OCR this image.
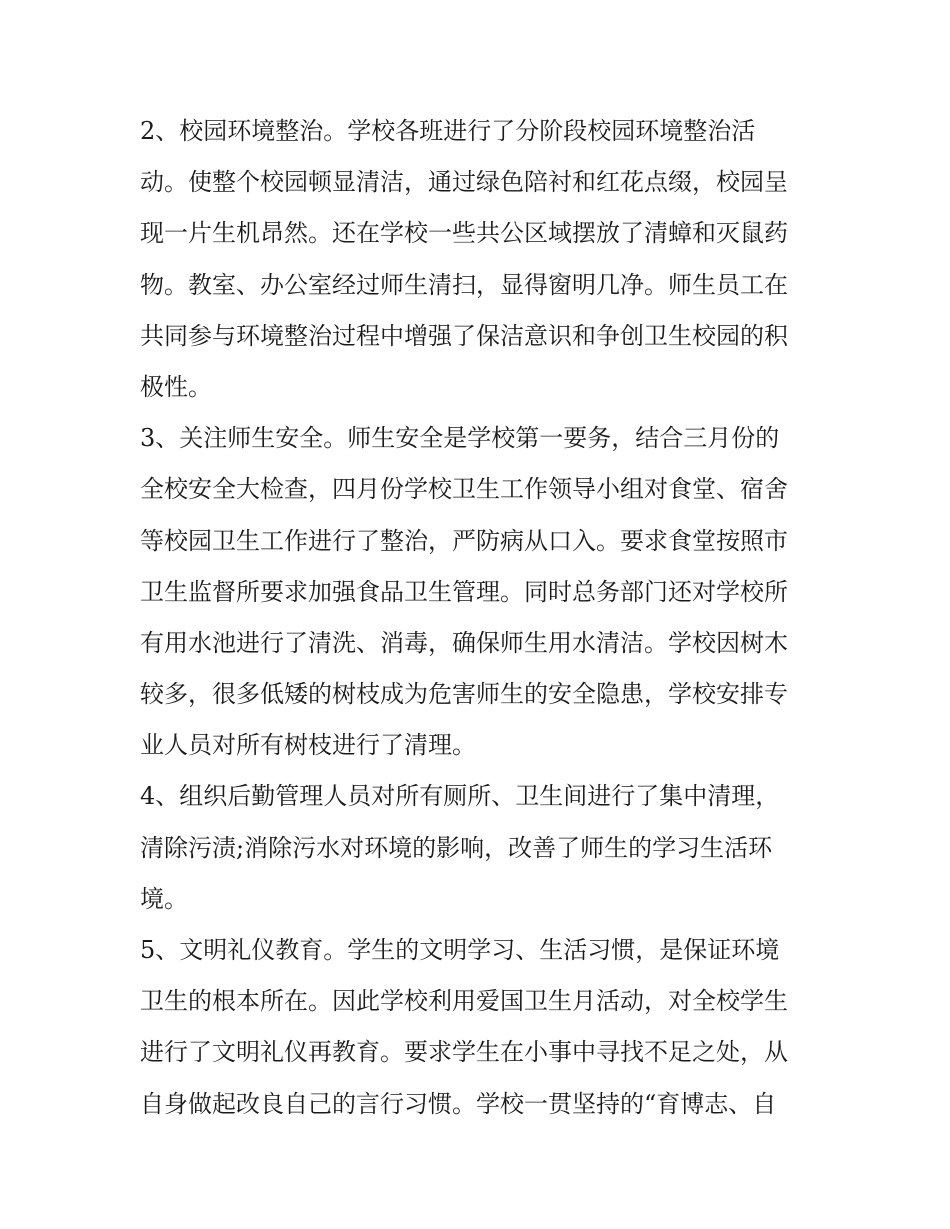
2、校园环境整治。学校各班进行了分阶段校园环境整治活
动。使整个校园顿显清洁，通过绿色陪衬和红花点缀，校园呈
现一片生机昂然。还在学校一些共公区域摆放了清蟑和灭鼠药
物。教室、办公室经过师生清扫，显得窗明几净。师生员工在
共同参与环境整治过程中增强了保洁意识和争创卫生校园的积
极性。
3、关注师生安全。师生安全是学校第一要务，结合三月份的
全校安全大检查，四月份学校卫生工作领导小组对食堂、宿舍
等校园卫生工作进行了整治，严防病从口入。要求食堂按照市
卫生监督所要求加强食品卫生管理。同时总务部门还对学校所
有用水池进行了清洗、消毒，确保师生用水清洁。学校因树木
较多，很多低矮的树枝成为危害师生的安全隐患，学校安排专
业人员对所有树枝进行了清理。
4、组织后勤管理人员对所有厕所、卫生间进行了集中清理，
清除污渍;消除污水对环境的影响，改善了师生的学习生活环
境。
5、文明礼仪教育。学生的文明学习、生活习惯，是保证环境
卫生的根本所在。因此学校利用爱国卫生月活动，对全校学生
进行了文明礼仪再教育。要求学生在小事中寻找不足之处，从
自身做起改良自己的言行习惯。学校一贯坚持的“育博志、自
